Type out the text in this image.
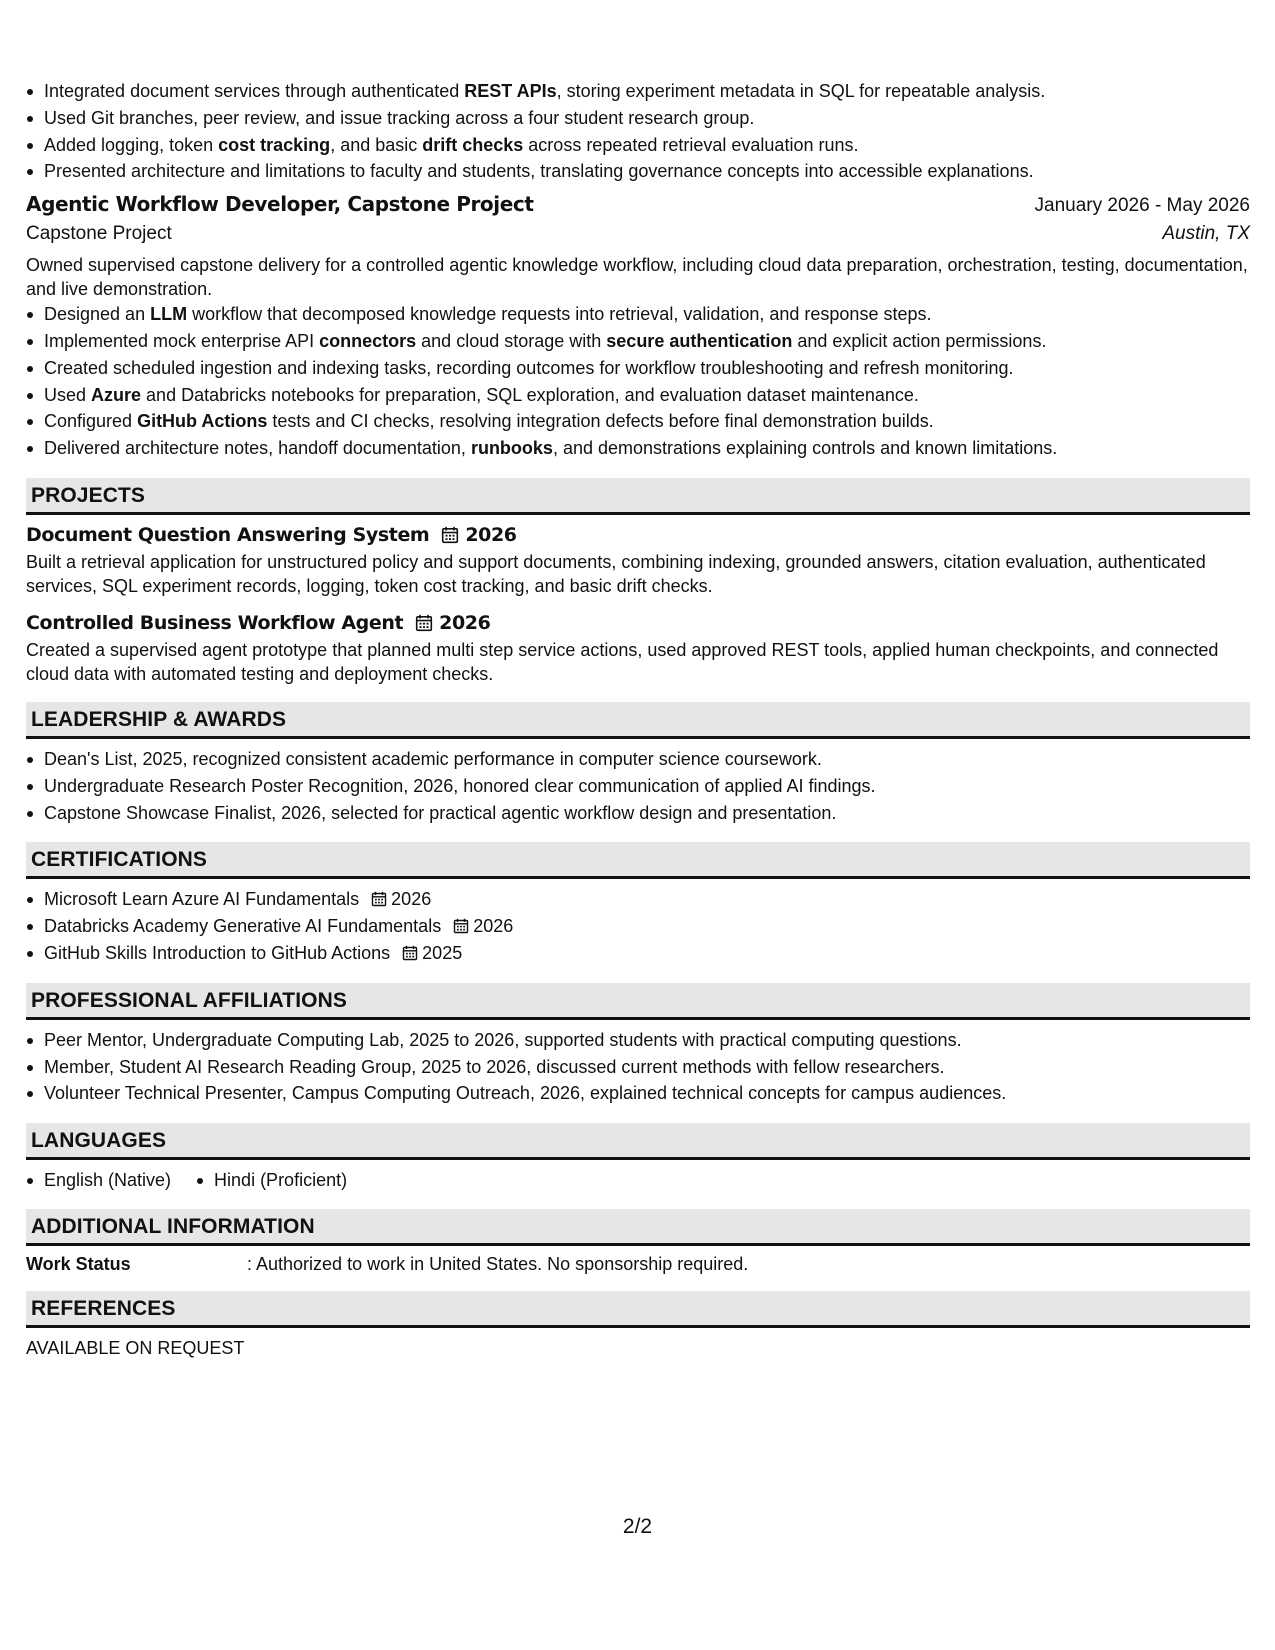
Integrated document services through authenticated REST APIs, storing experiment metadata in SQL for repeatable analysis.
Used Git branches, peer review, and issue tracking across a four student research group.
Added logging, token cost tracking, and basic drift checks across repeated retrieval evaluation runs.
Presented architecture and limitations to faculty and students, translating governance concepts into accessible explanations.
Agentic Workflow Developer, Capstone Project	January 2026 - May 2026
Capstone Project	Austin, TX
Owned supervised capstone delivery for a controlled agentic knowledge workflow, including cloud data preparation, orchestration, testing, documentation, and live demonstration.
Designed an LLM workflow that decomposed knowledge requests into retrieval, validation, and response steps.
Implemented mock enterprise API connectors and cloud storage with secure authentication and explicit action permissions.
Created scheduled ingestion and indexing tasks, recording outcomes for workflow troubleshooting and refresh monitoring.
Used Azure and Databricks notebooks for preparation, SQL exploration, and evaluation dataset maintenance.
Configured GitHub Actions tests and CI checks, resolving integration defects before final demonstration builds.
Delivered architecture notes, handoff documentation, runbooks, and demonstrations explaining controls and known limitations.
PROJECTS
Document Question Answering System 2026
Built a retrieval application for unstructured policy and support documents, combining indexing, grounded answers, citation evaluation, authenticated services, SQL experiment records, logging, token cost tracking, and basic drift checks.
Controlled Business Workflow Agent 2026
Created a supervised agent prototype that planned multi step service actions, used approved REST tools, applied human checkpoints, and connected cloud data with automated testing and deployment checks.
LEADERSHIP & AWARDS
Dean's List, 2025, recognized consistent academic performance in computer science coursework.
Undergraduate Research Poster Recognition, 2026, honored clear communication of applied AI findings.
Capstone Showcase Finalist, 2026, selected for practical agentic workflow design and presentation.
CERTIFICATIONS
Microsoft Learn Azure AI Fundamentals 2026
Databricks Academy Generative AI Fundamentals 2026
GitHub Skills Introduction to GitHub Actions 2025
PROFESSIONAL AFFILIATIONS
Peer Mentor, Undergraduate Computing Lab, 2025 to 2026, supported students with practical computing questions.
Member, Student AI Research Reading Group, 2025 to 2026, discussed current methods with fellow researchers.
Volunteer Technical Presenter, Campus Computing Outreach, 2026, explained technical concepts for campus audiences.
LANGUAGES
English (Native)	Hindi (Proficient)
ADDITIONAL INFORMATION
Work Status	: Authorized to work in United States. No sponsorship required.
REFERENCES
AVAILABLE ON REQUEST
2/2
